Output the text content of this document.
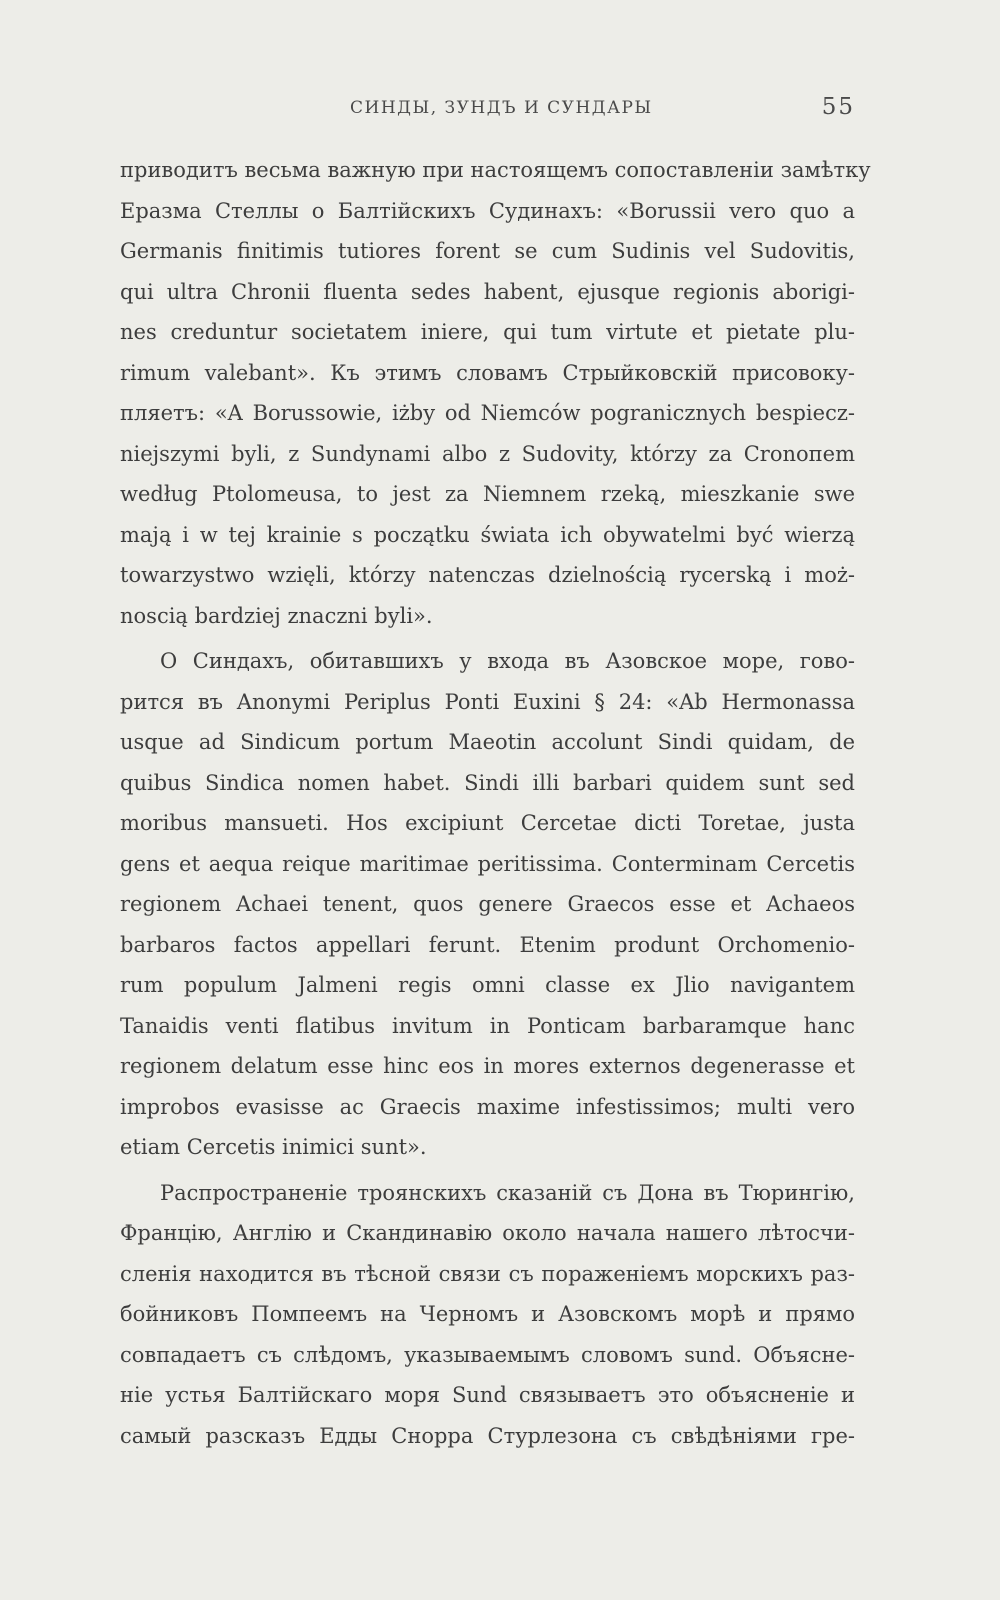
СИНДЫ, ЗУНДЪ И СУНДАРЫ	55
приводитъ весьма важную при настоящемъ сопоставленіи замѣтку
Еразма Стеллы о Балтійскихъ Судинахъ: «Borussii vero quo a
Germanis finitimis tutiores forent se cum Sudinis vel Sudovitis,
qui ultra Chronii fluenta sedes habent, ejusque regionis aborigi-
nes creduntur societatem iniere, qui tum virtute et pietate plu-
rimum valebant». Къ этимъ словамъ Стрыйковскій присовоку-
пляетъ: «A Borussowie, iżby od Niemców pogranicznych bespiecz-
niejszymi byli, z Sundynami albo z Sudovity, którzy za Cronoпem
według Ptolomeusa, to jest za Niemnem rzeką, mieszkanie swe
mają i w tej krainie s początku świata ich obywatelmi być wierzą
towarzystwo wzięli, którzy natenczas dzielnością rycerską i moż-
noscią bardziej znaczni byli».
О Синдахъ, обитавшихъ у входа въ Азовское море, гово-
рится въ Anonymi Periplus Ponti Euxini § 24: «Ab Hermonassa
usque ad Sindicum portum Maeotin accolunt Sindi quidam, de
quibus Sindica nomen habet. Sindi illi barbari quidem sunt sed
moribus mansueti. Hos excipiunt Cercetae dicti Toretae, justa
gens et aequa reique maritimae peritissima. Conterminam Cercetis
regionem Achaei tenent, quos genere Graecos esse et Achaeos
barbaros factos appellari ferunt. Etenim produnt Orchomenio-
rum populum Jalmeni regis omni classe ex Jlio navigantem
Tanaidis venti flatibus invitum in Ponticam barbaramque hanc
regionem delatum esse hinc eos in mores externos degenerasse et
improbos evasisse ac Graecis maxime infestissimos; multi vero
etiam Cercetis inimici sunt».
Распространеніе троянскихъ сказаній съ Дона въ Тюрингію,
Францію, Англію и Скандинавію около начала нашего лѣтосчи-
сленія находится въ тѣсной связи съ пораженіемъ морскихъ раз-
бойниковъ Помпеемъ на Черномъ и Азовскомъ морѣ и прямо
совпадаетъ съ слѣдомъ, указываемымъ словомъ sund. Объясне-
ніе устья Балтійскаго моря Sund связываетъ это объясненіе и
самый разсказъ Едды Снорра Стурлезона съ свѣдѣніями гре-
